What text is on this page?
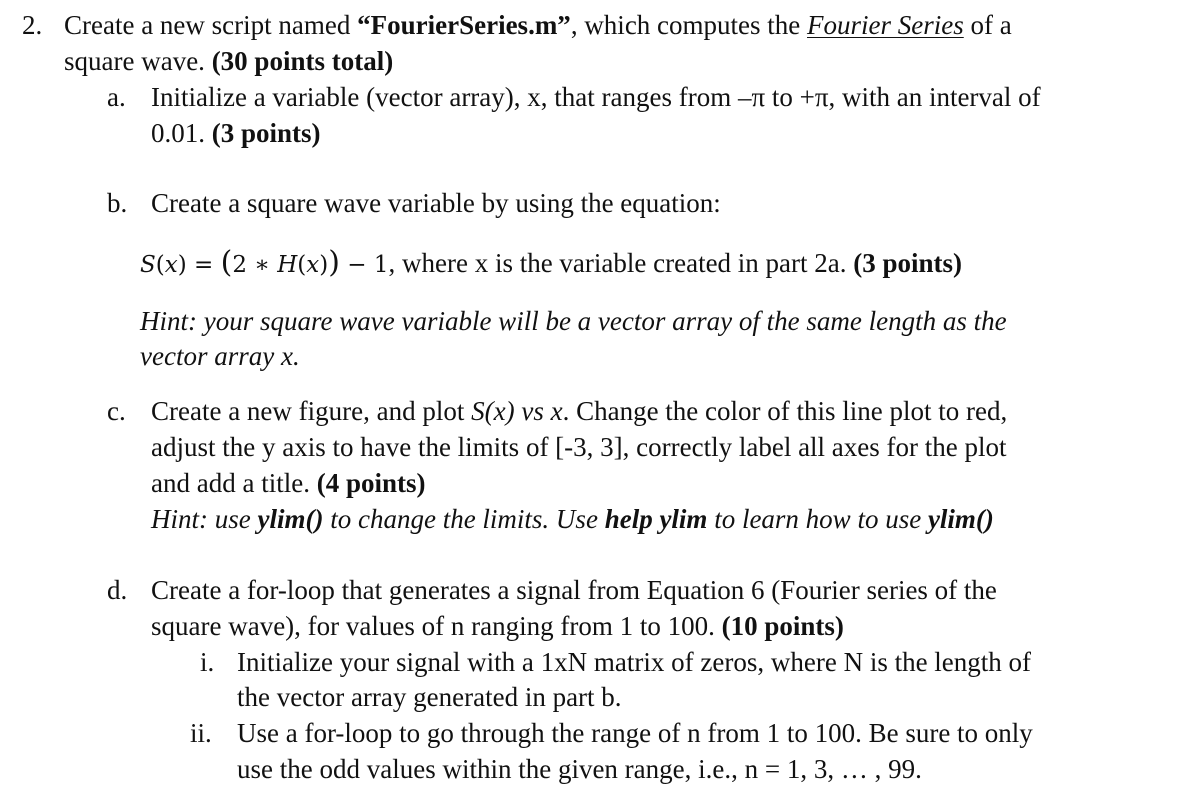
2. Create a new script named “FourierSeries.m”, which computes the Fourier Series of a
square wave. (30 points total)
a. Initialize a variable (vector array), x, that ranges from –π to +π, with an interval of
0.01. (3 points)
b. Create a square wave variable by using the equation:
S(x) = (2 ∗ H(x)) − 1, where x is the variable created in part 2a. (3 points)
Hint: your square wave variable will be a vector array of the same length as the
vector array x.
c. Create a new figure, and plot S(x) vs x. Change the color of this line plot to red,
adjust the y axis to have the limits of [-3, 3], correctly label all axes for the plot
and add a title. (4 points)
Hint: use ylim() to change the limits. Use help ylim to learn how to use ylim()
d. Create a for-loop that generates a signal from Equation 6 (Fourier series of the
square wave), for values of n ranging from 1 to 100. (10 points)
i. Initialize your signal with a 1xN matrix of zeros, where N is the length of
the vector array generated in part b.
ii. Use a for-loop to go through the range of n from 1 to 100. Be sure to only
use the odd values within the given range, i.e., n = 1, 3, … , 99.
